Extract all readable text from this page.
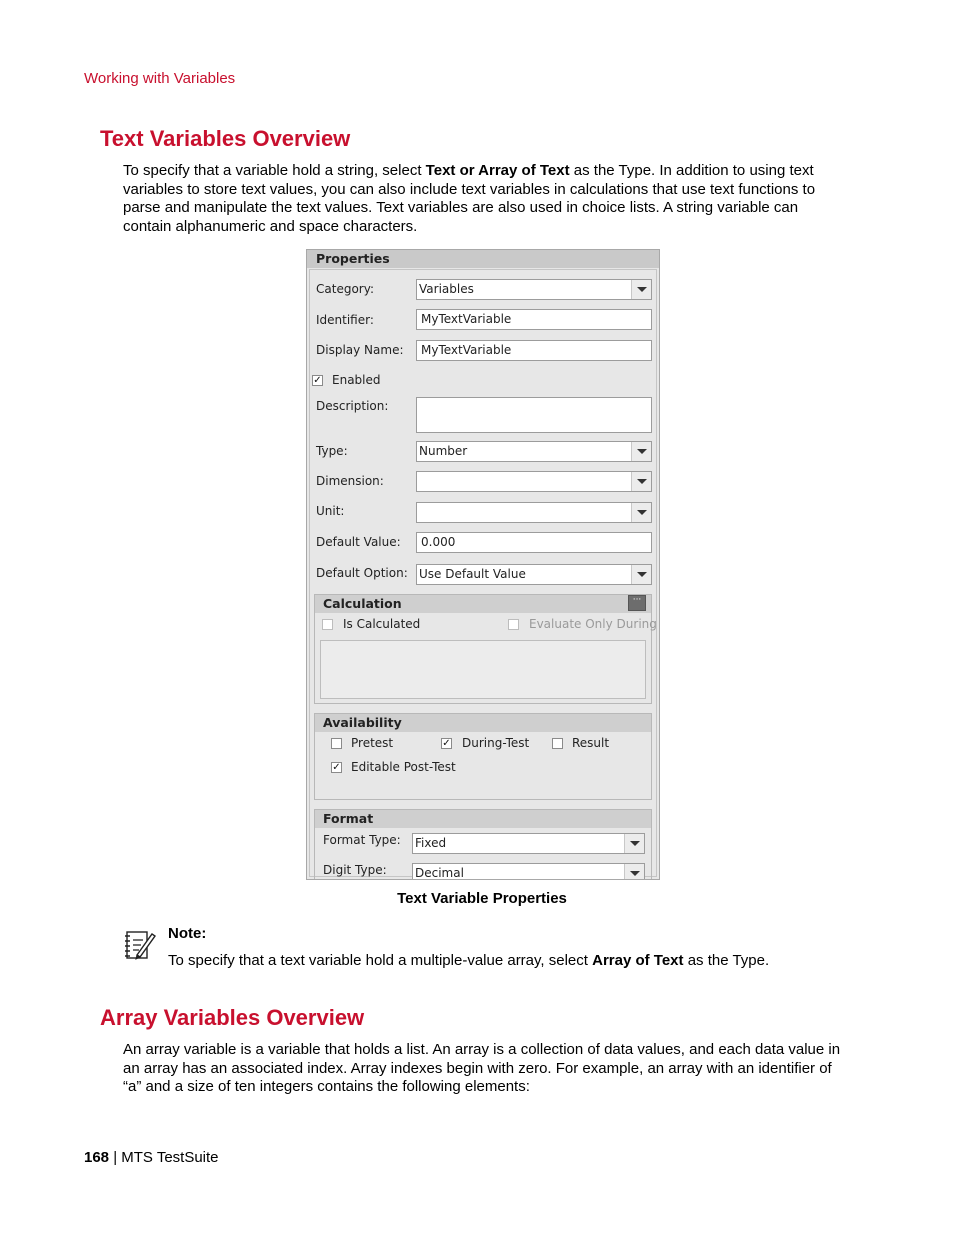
Working with Variables
Text Variables Overview
To specify that a variable hold a string, select Text or Array of Text as the Type. In addition to using text variables to store text values, you can also include text variables in calculations that use text functions to parse and manipulate the text values. Text variables are also used in choice lists. A string variable can contain alphanumeric and space characters.
Properties
Category:	Variables
Identifier:	MyTextVariable
Display Name:	MyTextVariable
✓ Enabled
Description:
Type:	Number
Dimension:
Unit:
Default Value:	0.000
Default Option: Use Default Value
Calculation	···
Is Calculated	Evaluate Only During
Availability
Pretest	✓ During-Test	Result
✓ Editable Post-Test
Format
Format Type: Fixed
Digit Type: Decimal
Text Variable Properties
Note:
To specify that a text variable hold a multiple-value array, select Array of Text as the Type.
Array Variables Overview
An array variable is a variable that holds a list. An array is a collection of data values, and each data value in an array has an associated index. Array indexes begin with zero. For example, an array with an identifier of “a” and a size of ten integers contains the following elements:
168 | MTS TestSuite
